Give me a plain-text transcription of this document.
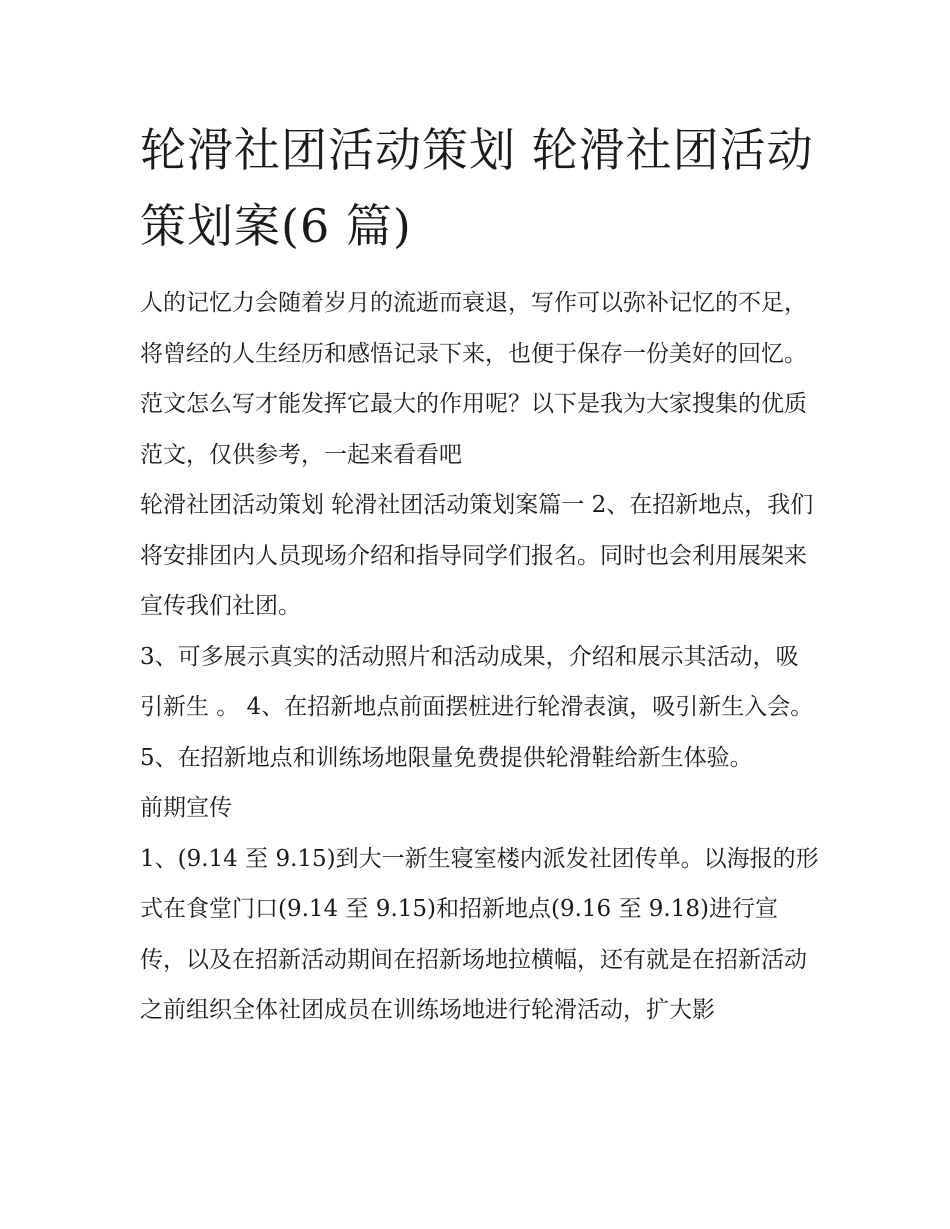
轮滑社团活动策划 轮滑社团活动策划案(6 篇)

人的记忆力会随着岁月的流逝而衰退，写作可以弥补记忆的不足，将曾经的人生经历和感悟记录下来，也便于保存一份美好的回忆。范文怎么写才能发挥它最大的作用呢？以下是我为大家搜集的优质范文，仅供参考，一起来看看吧

轮滑社团活动策划 轮滑社团活动策划案篇一 2、在招新地点，我们将安排团内人员现场介绍和指导同学们报名。同时也会利用展架来宣传我们社团。

3、可多展示真实的活动照片和活动成果，介绍和展示其活动，吸引新生 。 4、在招新地点前面摆桩进行轮滑表演，吸引新生入会。

5、在招新地点和训练场地限量免费提供轮滑鞋给新生体验。

前期宣传

1、(9.14 至 9.15)到大一新生寝室楼内派发社团传单。以海报的形式在食堂门口(9.14 至 9.15)和招新地点(9.16 至 9.18)进行宣传，以及在招新活动期间在招新场地拉横幅，还有就是在招新活动之前组织全体社团成员在训练场地进行轮滑活动，扩大影
